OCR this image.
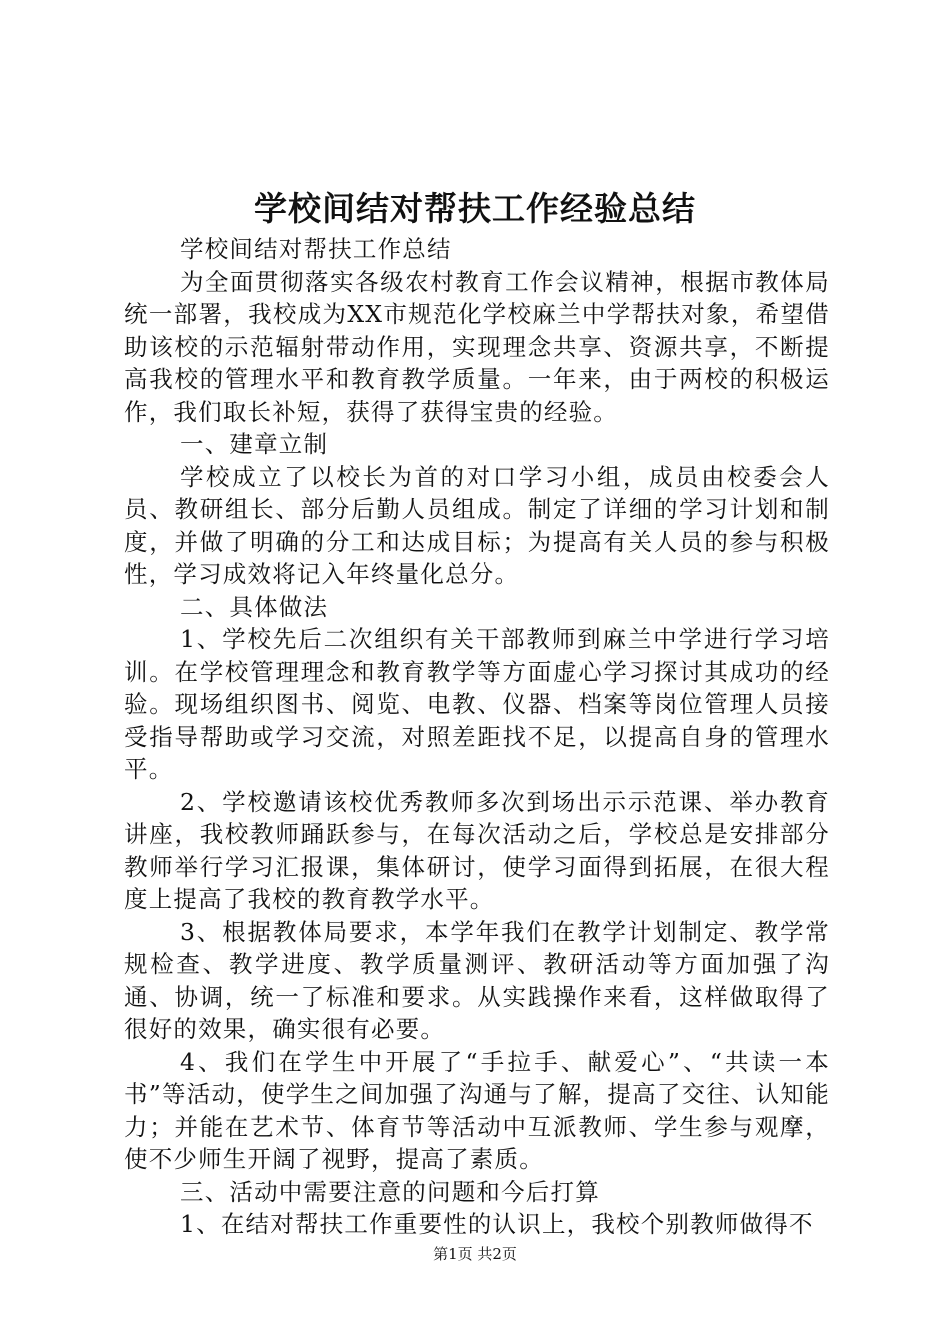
学校间结对帮扶工作经验总结

学校间结对帮扶工作总结

为全面贯彻落实各级农村教育工作会议精神，根据市教体局统一部署，我校成为XX市规范化学校麻兰中学帮扶对象，希望借助该校的示范辐射带动作用，实现理念共享、资源共享，不断提高我校的管理水平和教育教学质量。一年来，由于两校的积极运作，我们取长补短，获得了获得宝贵的经验。

一、建章立制

学校成立了以校长为首的对口学习小组，成员由校委会人员、教研组长、部分后勤人员组成。制定了详细的学习计划和制度，并做了明确的分工和达成目标；为提高有关人员的参与积极性，学习成效将记入年终量化总分。

二、具体做法

1、学校先后二次组织有关干部教师到麻兰中学进行学习培训。在学校管理理念和教育教学等方面虚心学习探讨其成功的经验。现场组织图书、阅览、电教、仪器、档案等岗位管理人员接受指导帮助或学习交流，对照差距找不足，以提高自身的管理水平。

2、学校邀请该校优秀教师多次到场出示示范课、举办教育讲座，我校教师踊跃参与，在每次活动之后，学校总是安排部分教师举行学习汇报课，集体研讨，使学习面得到拓展，在很大程度上提高了我校的教育教学水平。

3、根据教体局要求，本学年我们在教学计划制定、教学常规检查、教学进度、教学质量测评、教研活动等方面加强了沟通、协调，统一了标准和要求。从实践操作来看，这样做取得了很好的效果，确实很有必要。

4、我们在学生中开展了“手拉手、献爱心”、“共读一本书”等活动，使学生之间加强了沟通与了解，提高了交往、认知能力；并能在艺术节、体育节等活动中互派教师、学生参与观摩，使不少师生开阔了视野，提高了素质。

三、活动中需要注意的问题和今后打算

1、在结对帮扶工作重要性的认识上，我校个别教师做得不

第1页 共2页
